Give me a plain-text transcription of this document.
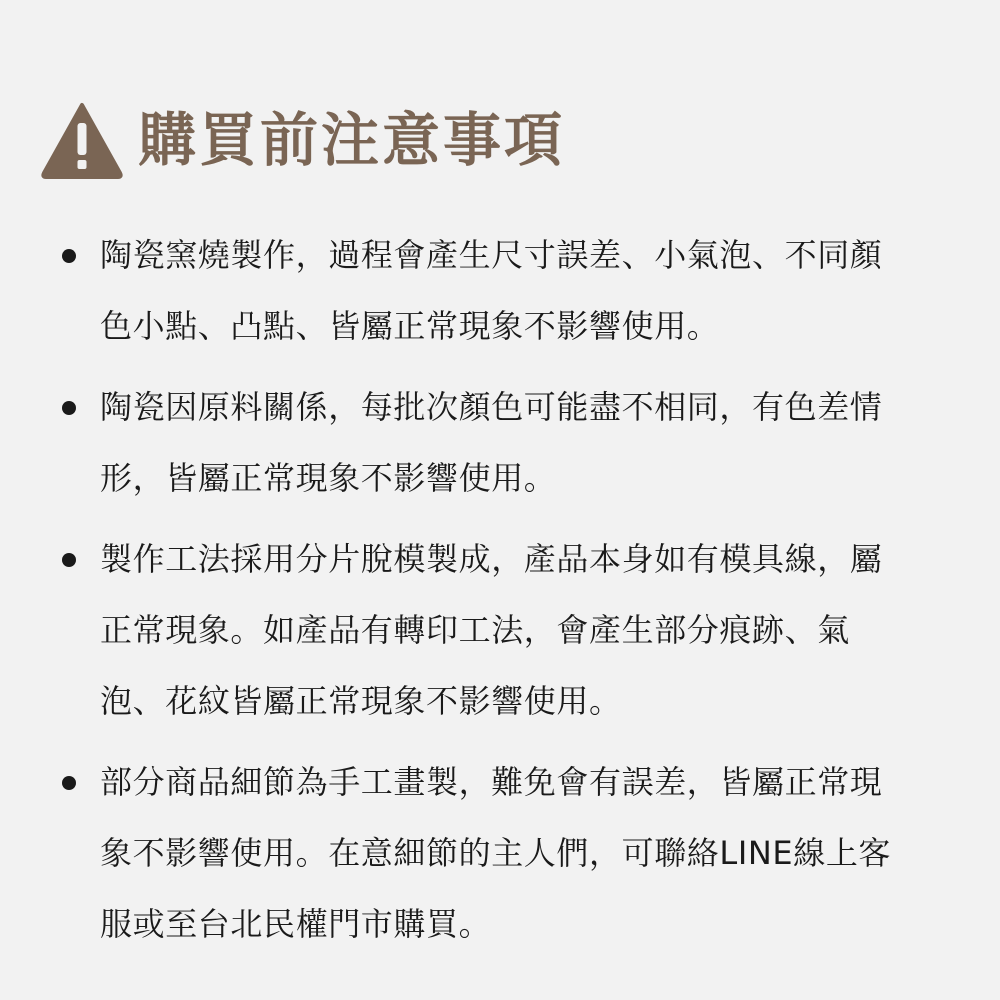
購買前注意事項
陶瓷窯燒製作，過程會產生尺寸誤差、小氣泡、不同顏
色小點、凸點、皆屬正常現象不影響使用。
陶瓷因原料關係，每批次顏色可能盡不相同，有色差情
形，皆屬正常現象不影響使用。
製作工法採用分片脫模製成，產品本身如有模具線，屬
正常現象。如產品有轉印工法，會產生部分痕跡、氣
泡、花紋皆屬正常現象不影響使用。
部分商品細節為手工畫製，難免會有誤差，皆屬正常現
象不影響使用。在意細節的主人們，可聯絡LINE線上客
服或至台北民權門市購買。
